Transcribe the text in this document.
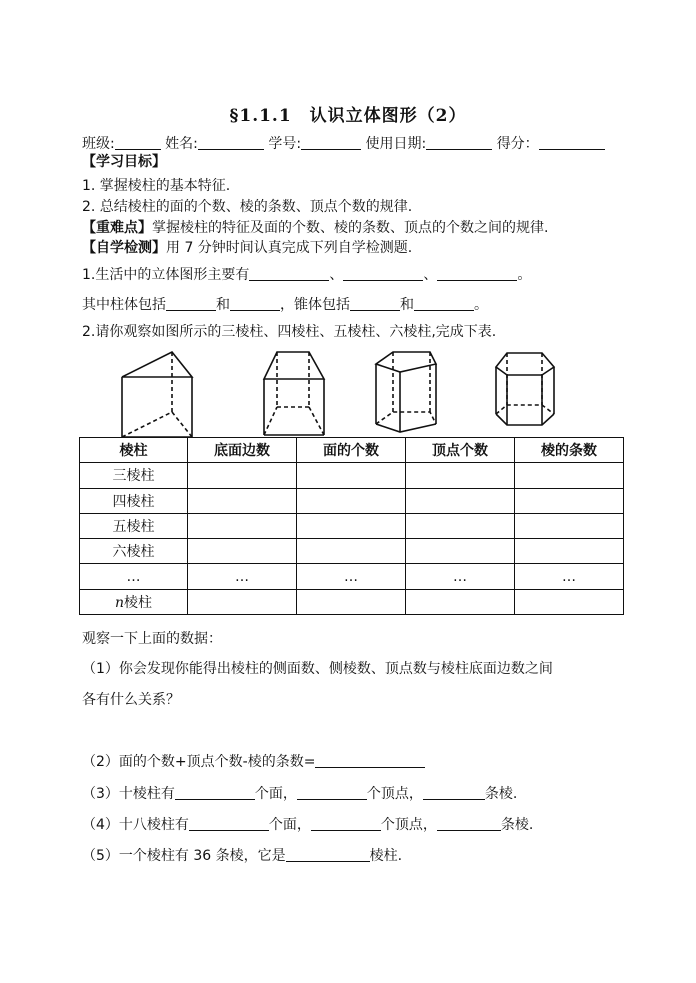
§1.1.1　认识立体图形（2）
班级:	姓名:	学号:	使用日期:	得分：
【学习目标】
1. 掌握棱柱的基本特征.
2. 总结棱柱的面的个数、棱的条数、顶点个数的规律.
【重难点】掌握棱柱的特征及面的个数、棱的条数、顶点的个数之间的规律.
【自学检测】用 7 分钟时间认真完成下列自学检测题.
1.生活中的立体图形主要有	、	、	。
其中柱体包括	和	，锥体包括	和	。
2.请你观察如图所示的三棱柱、四棱柱、五棱柱、六棱柱,完成下表.
棱柱	底面边数	面的个数	顶点个数	棱的条数
三棱柱				
四棱柱				
五棱柱				
六棱柱				
…	…	…	…	…
n棱柱				
观察一下上面的数据：
（1）你会发现你能得出棱柱的侧面数、侧棱数、顶点数与棱柱底面边数之间
各有什么关系？
（2）面的个数+顶点个数-棱的条数=
（3）十棱柱有	个面，	个顶点，	条棱.
（4）十八棱柱有	个面，	个顶点，	条棱.
（5）一个棱柱有 36 条棱，它是	棱柱.
